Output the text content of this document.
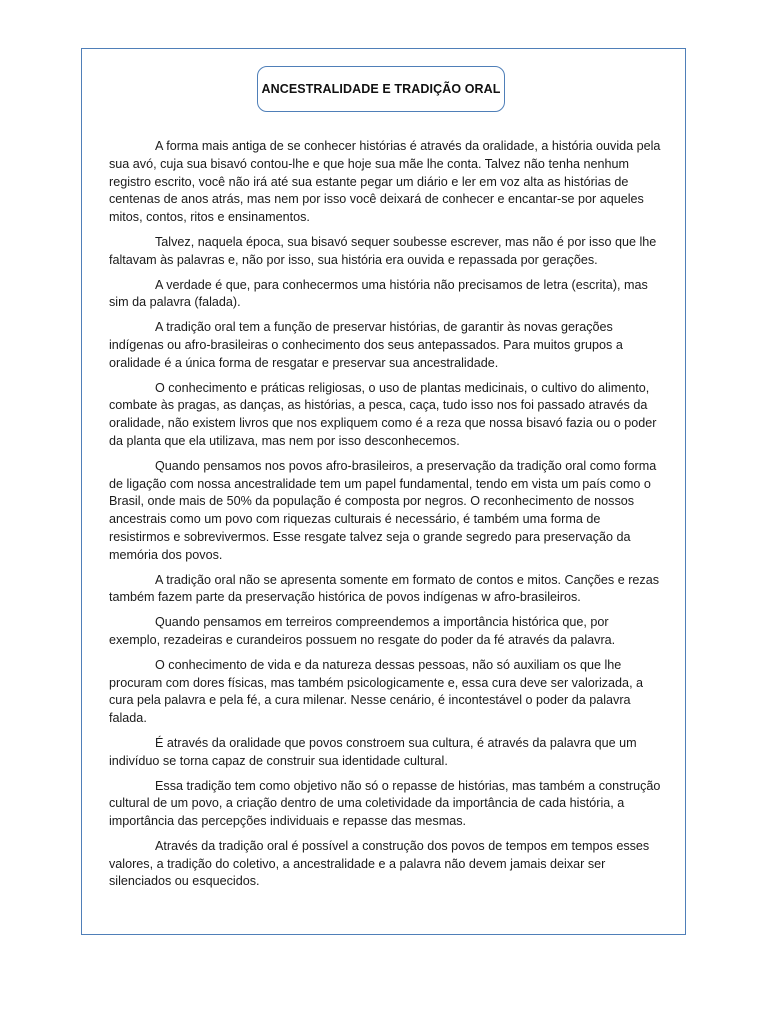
ANCESTRALIDADE E TRADIÇÃO ORAL

A forma mais antiga de se conhecer histórias é através da oralidade, a história ouvida pela sua avó, cuja sua bisavó contou-lhe e que hoje sua mãe lhe conta. Talvez não tenha nenhum registro escrito, você não irá até sua estante pegar um diário e ler em voz alta as histórias de centenas de anos atrás, mas nem por isso você deixará de conhecer e encantar-se por aqueles mitos, contos, ritos e ensinamentos.

Talvez, naquela época, sua bisavó sequer soubesse escrever, mas não é por isso que lhe faltavam às palavras e, não por isso, sua história era ouvida e repassada por gerações.

A verdade é que, para conhecermos uma história não precisamos de letra (escrita), mas sim da palavra (falada).

A tradição oral tem a função de preservar histórias, de garantir às novas gerações indígenas ou afro-brasileiras o conhecimento dos seus antepassados. Para muitos grupos a oralidade é a única forma de resgatar e preservar sua ancestralidade.

O conhecimento e práticas religiosas, o uso de plantas medicinais, o cultivo do alimento, combate às pragas, as danças, as histórias, a pesca, caça, tudo isso nos foi passado através da oralidade, não existem livros que nos expliquem como é a reza que nossa bisavó fazia ou o poder da planta que ela utilizava, mas nem por isso desconhecemos.

Quando pensamos nos povos afro-brasileiros, a preservação da tradição oral como forma de ligação com nossa ancestralidade tem um papel fundamental, tendo em vista um país como o Brasil, onde mais de 50% da população é composta por negros. O reconhecimento de nossos ancestrais como um povo com riquezas culturais é necessário, é também uma forma de resistirmos e sobrevivermos. Esse resgate talvez seja o grande segredo para preservação da memória dos povos.

A tradição oral não se apresenta somente em formato de contos e mitos. Canções e rezas também fazem parte da preservação histórica de povos indígenas w afro-brasileiros.

Quando pensamos em terreiros compreendemos a importância histórica que, por exemplo, rezadeiras e curandeiros possuem no resgate do poder da fé através da palavra.

O conhecimento de vida e da natureza dessas pessoas, não só auxiliam os que lhe procuram com dores físicas, mas também psicologicamente e, essa cura deve ser valorizada, a cura pela palavra e pela fé, a cura milenar. Nesse cenário, é incontestável o poder da palavra falada.

É através da oralidade que povos constroem sua cultura, é através da palavra que um indivíduo se torna capaz de construir sua identidade cultural.

Essa tradição tem como objetivo não só o repasse de histórias, mas também a construção cultural de um povo, a criação dentro de uma coletividade da importância de cada história, a importância das percepções individuais e repasse das mesmas.

Através da tradição oral é possível a construção dos povos de tempos em tempos esses valores, a tradição do coletivo, a ancestralidade e a palavra não devem jamais deixar ser silenciados ou esquecidos.
